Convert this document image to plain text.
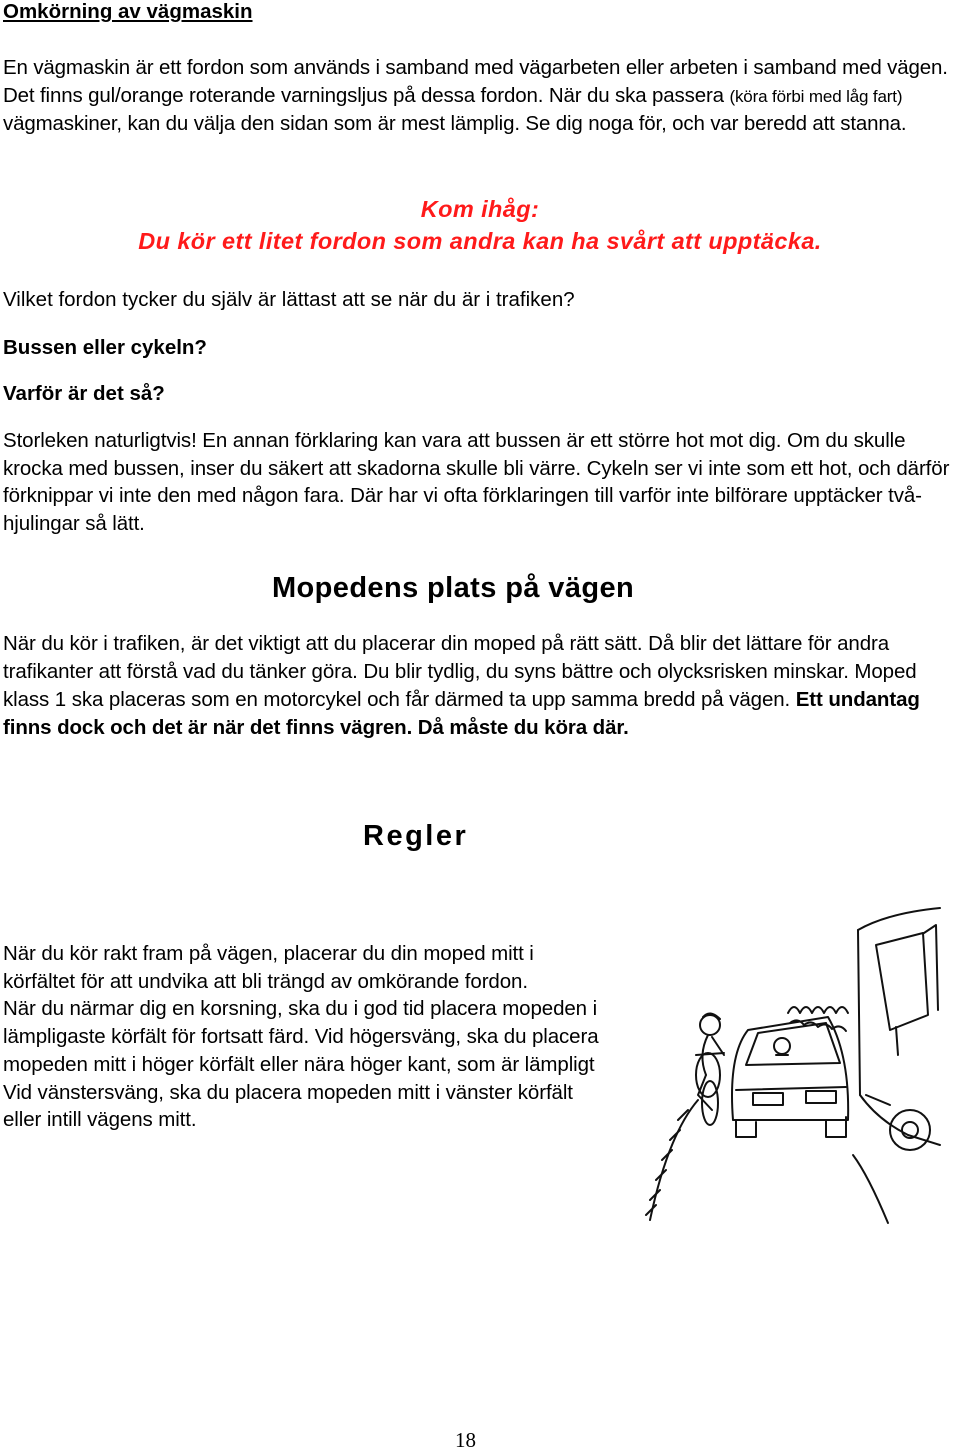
Omkörning av vägmaskin
En vägmaskin är ett fordon som används i samband med vägarbeten eller arbeten i samband med vägen. Det finns gul/orange roterande varningsljus på dessa fordon. När du ska passera (köra förbi med låg fart) vägmaskiner, kan du välja den sidan som är mest lämplig. Se dig noga för, och var beredd att stanna.
Kom ihåg:
Du kör ett litet fordon som andra kan ha svårt att upptäcka.
Vilket fordon tycker du själv är lättast att se när du är i trafiken?
Bussen eller cykeln?
Varför är det så?
Storleken naturligtvis! En annan förklaring kan vara att bussen är ett större hot mot dig. Om du skulle krocka med bussen, inser du säkert att skadorna skulle bli värre. Cykeln ser vi inte som ett hot, och därför förknippar vi inte den med någon fara. Där har vi ofta förklaringen till varför inte bilförare upptäcker två-hjulingar så lätt.
Mopedens plats på vägen
När du kör i trafiken, är det viktigt att du placerar din moped på rätt sätt. Då blir det lättare för andra trafikanter att förstå vad du tänker göra. Du blir tydlig, du syns bättre och olycksrisken minskar. Moped klass 1 ska placeras som en motorcykel och får därmed ta upp samma bredd på vägen. Ett undantag finns dock och det är när det finns vägren. Då måste du köra där.
Regler
När du kör rakt fram på vägen, placerar du din moped mitt i körfältet för att undvika att bli trängd av omkörande fordon.
När du närmar dig en korsning, ska du i god tid placera mopeden i lämpligaste körfält för fortsatt färd. Vid högersväng, ska du placera mopeden mitt i höger körfält eller nära höger kant, som är lämpligt Vid vänstersväng, ska du placera mopeden mitt i vänster körfält eller intill vägens mitt.
18
